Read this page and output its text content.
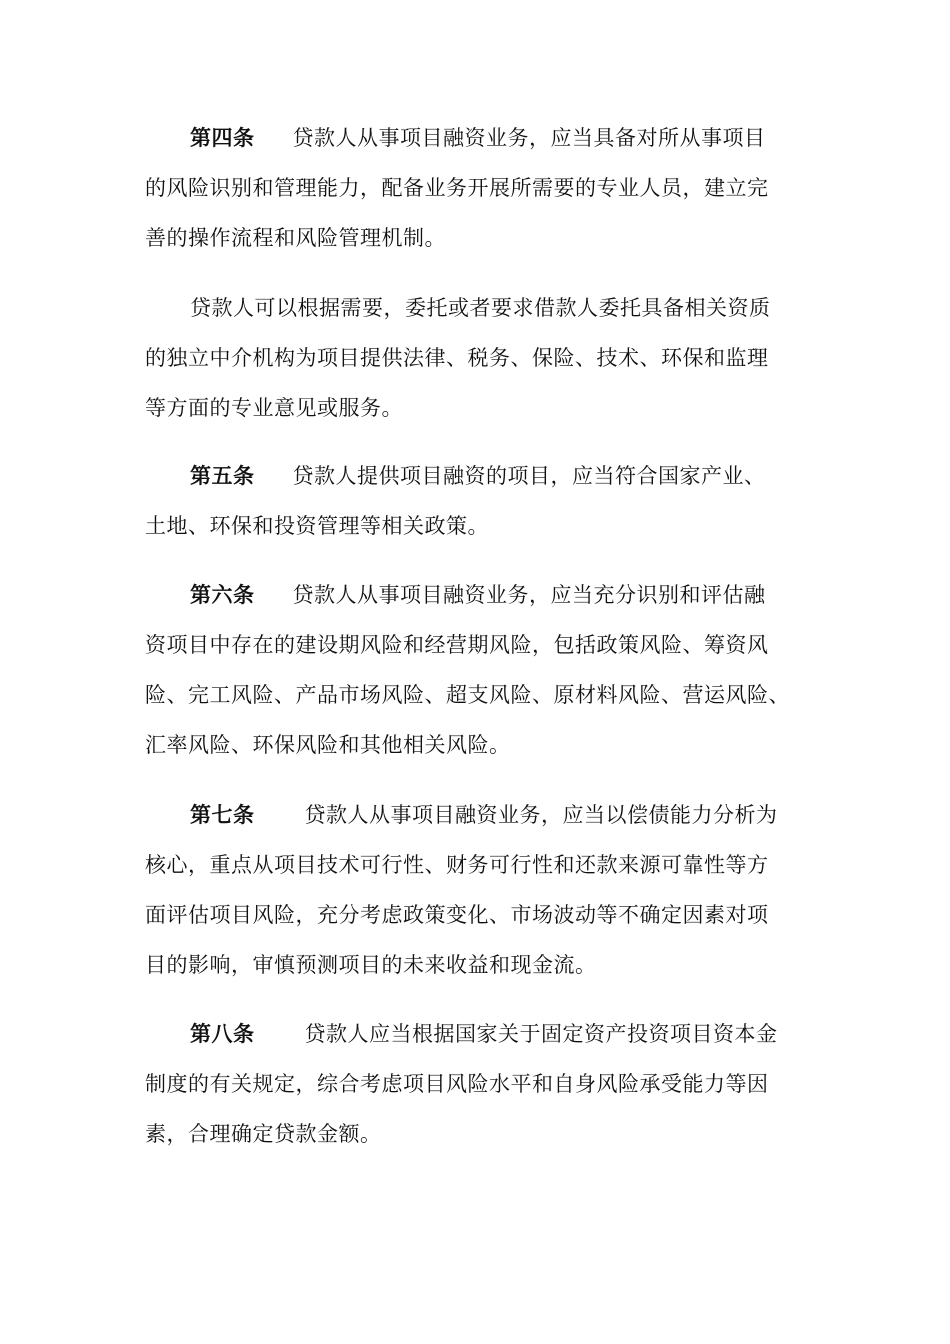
第四条 贷款人从事项目融资业务，应当具备对所从事项目
的风险识别和管理能力，配备业务开展所需要的专业人员，建立完
善的操作流程和风险管理机制。
贷款人可以根据需要，委托或者要求借款人委托具备相关资质
的独立中介机构为项目提供法律、税务、保险、技术、环保和监理
等方面的专业意见或服务。
第五条 贷款人提供项目融资的项目，应当符合国家产业、
土地、环保和投资管理等相关政策。
第六条 贷款人从事项目融资业务，应当充分识别和评估融
资项目中存在的建设期风险和经营期风险，包括政策风险、筹资风
险、完工风险、产品市场风险、超支风险、原材料风险、营运风险、
汇率风险、环保风险和其他相关风险。
第七条 贷款人从事项目融资业务，应当以偿债能力分析为
核心，重点从项目技术可行性、财务可行性和还款来源可靠性等方
面评估项目风险，充分考虑政策变化、市场波动等不确定因素对项
目的影响，审慎预测项目的未来收益和现金流。
第八条 贷款人应当根据国家关于固定资产投资项目资本金
制度的有关规定，综合考虑项目风险水平和自身风险承受能力等因
素，合理确定贷款金额。
